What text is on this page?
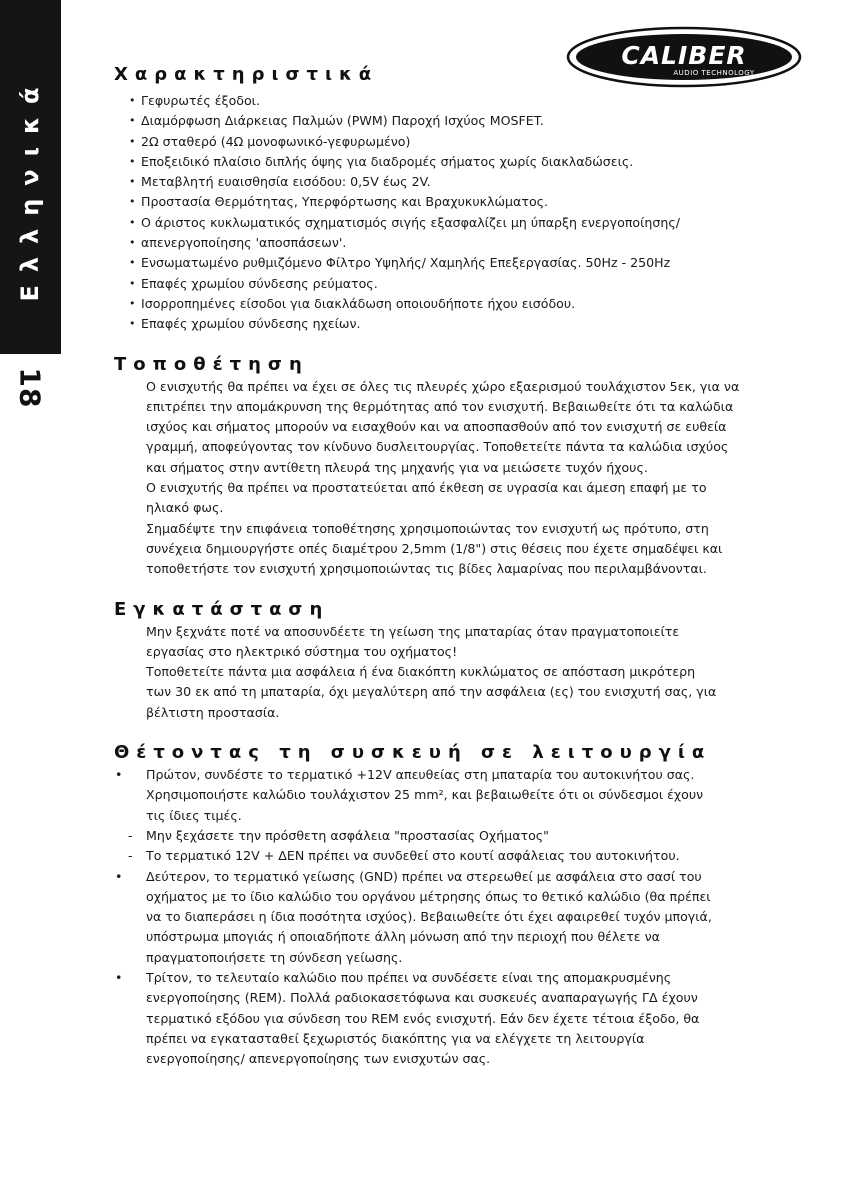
Ελληνικά
18
CALIBER
AUDIO TECHNOLOGY
Χαρακτηριστικά
• Γεφυρωτές έξοδοι.
• Διαμόρφωση Διάρκειας Παλμών (PWM) Παροχή Ισχύος MOSFET.
• 2Ω σταθερό (4Ω μονοφωνικό-γεφυρωμένο)
• Εποξειδικό πλαίσιο διπλής όψης για διαδρομές σήματος χωρίς διακλαδώσεις.
• Μεταβλητή ευαισθησία εισόδου: 0,5V έως 2V.
• Προστασία Θερμότητας, Υπερφόρτωσης και Βραχυκυκλώματος.
• Ο άριστος κυκλωματικός σχηματισμός σιγής εξασφαλίζει μη ύπαρξη ενεργοποίησης/
• απενεργοποίησης 'αποσπάσεων'.
• Ενσωματωμένο ρυθμιζόμενο Φίλτρο Υψηλής/ Χαμηλής Επεξεργασίας. 50Hz - 250Hz
• Επαφές χρωμίου σύνδεσης ρεύματος.
• Ισορροπημένες είσοδοι για διακλάδωση οποιουδήποτε ήχου εισόδου.
• Επαφές χρωμίου σύνδεσης ηχείων.
Τοποθέτηση

Ο ενισχυτής θα πρέπει να έχει σε όλες τις πλευρές χώρο εξαερισμού τουλάχιστον 5εκ, για να

επιτρέπει την απομάκρυνση της θερμότητας από τον ενισχυτή. Βεβαιωθείτε ότι τα καλώδια

ισχύος και σήματος μπορούν να εισαχθούν και να αποσπασθούν από τον ενισχυτή σε ευθεία

γραμμή, αποφεύγοντας τον κίνδυνο δυσλειτουργίας. Τοποθετείτε πάντα τα καλώδια ισχύος

και σήματος στην αντίθετη πλευρά της μηχανής για να μειώσετε τυχόν ήχους.

Ο ενισχυτής θα πρέπει να προστατεύεται από έκθεση σε υγρασία και άμεση επαφή με το

ηλιακό φως.

Σημαδέψτε την επιφάνεια τοποθέτησης χρησιμοποιώντας τον ενισχυτή ως πρότυπο, στη

συνέχεια δημιουργήστε οπές διαμέτρου 2,5mm (1/8") στις θέσεις που έχετε σημαδέψει και

τοποθετήστε τον ενισχυτή χρησιμοποιώντας τις βίδες λαμαρίνας που περιλαμβάνονται.

Εγκατάσταση

Μην ξεχνάτε ποτέ να αποσυνδέετε τη γείωση της μπαταρίας όταν πραγματοποιείτε

εργασίας στο ηλεκτρικό σύστημα του οχήματος!

Τοποθετείτε πάντα μια ασφάλεια ή ένα διακόπτη κυκλώματος σε απόσταση μικρότερη

των 30 εκ από τη μπαταρία, όχι μεγαλύτερη από την ασφάλεια (ες) του ενισχυτή σας, για

βέλτιστη προστασία.

Θέτοντας τη συσκευή σε λειτουργία
• Πρώτον, συνδέστε το τερματικό +12V απευθείας στη μπαταρία του αυτοκινήτου σας.

Χρησιμοποιήστε καλώδιο τουλάχιστον 25 mm², και βεβαιωθείτε ότι οι σύνδεσμοι έχουν

τις ίδιες τιμές.

- Μην ξεχάσετε την πρόσθετη ασφάλεια "προστασίας Οχήματος"

- Το τερματικό 12V + ΔΕΝ πρέπει να συνδεθεί στο κουτί ασφάλειας του αυτοκινήτου.

• Δεύτερον, το τερματικό γείωσης (GND) πρέπει να στερεωθεί με ασφάλεια στο σασί του

οχήματος με το ίδιο καλώδιο του οργάνου μέτρησης όπως το θετικό καλώδιο (θα πρέπει

να το διαπεράσει η ίδια ποσότητα ισχύος). Βεβαιωθείτε ότι έχει αφαιρεθεί τυχόν μπογιά,

υπόστρωμα μπογιάς ή οποιαδήποτε άλλη μόνωση από την περιοχή που θέλετε να

πραγματοποιήσετε τη σύνδεση γείωσης.

• Τρίτον, το τελευταίο καλώδιο που πρέπει να συνδέσετε είναι της απομακρυσμένης

ενεργοποίησης (REM). Πολλά ραδιοκασετόφωνα και συσκευές αναπαραγωγής ΓΔ έχουν

τερματικό εξόδου για σύνδεση του REM ενός ενισχυτή. Εάν δεν έχετε τέτοια έξοδο, θα

πρέπει να εγκατασταθεί ξεχωριστός διακόπτης για να ελέγχετε τη λειτουργία

ενεργοποίησης/ απενεργοποίησης των ενισχυτών σας.
